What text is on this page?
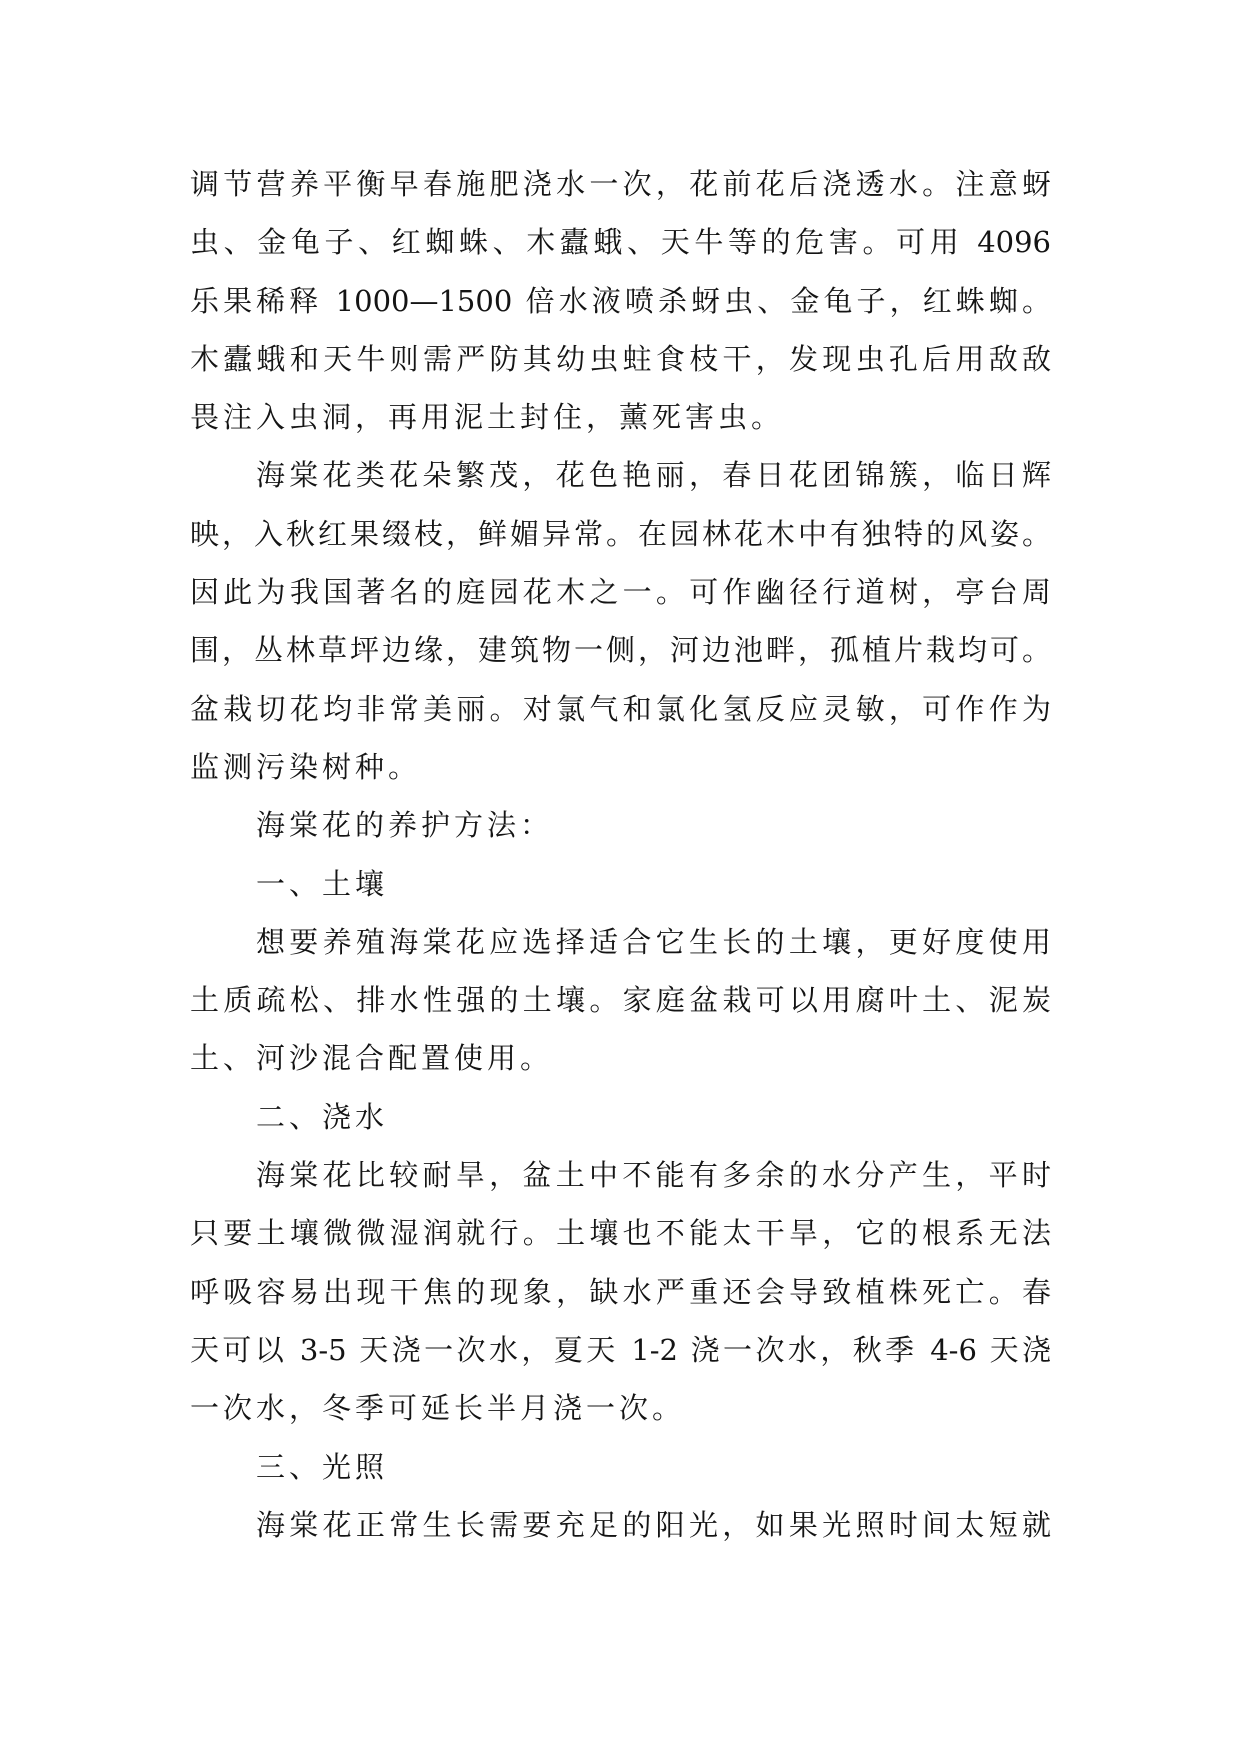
调节营养平衡早春施肥浇水一次，花前花后浇透水。注意蚜
虫、金龟子、红蜘蛛、木蠹蛾、天牛等的危害。可用 4096
乐果稀释 1000—1500 倍水液喷杀蚜虫、金龟子，红蛛蜘。
木蠹蛾和天牛则需严防其幼虫蛀食枝干，发现虫孔后用敌敌
畏注入虫洞，再用泥土封住，薰死害虫。
海棠花类花朵繁茂，花色艳丽，春日花团锦簇，临日辉
映，入秋红果缀枝，鲜媚异常。在园林花木中有独特的风姿。
因此为我国著名的庭园花木之一。可作幽径行道树，亭台周
围，丛林草坪边缘，建筑物一侧，河边池畔，孤植片栽均可。
盆栽切花均非常美丽。对氯气和氯化氢反应灵敏，可作作为
监测污染树种。
海棠花的养护方法：
一、土壤
想要养殖海棠花应选择适合它生长的土壤，更好度使用
土质疏松、排水性强的土壤。家庭盆栽可以用腐叶土、泥炭
土、河沙混合配置使用。
二、浇水
海棠花比较耐旱，盆土中不能有多余的水分产生，平时
只要土壤微微湿润就行。土壤也不能太干旱，它的根系无法
呼吸容易出现干焦的现象，缺水严重还会导致植株死亡。春
天可以 3-5 天浇一次水，夏天 1-2 浇一次水，秋季 4-6 天浇
一次水，冬季可延长半月浇一次。
三、光照
海棠花正常生长需要充足的阳光，如果光照时间太短就
